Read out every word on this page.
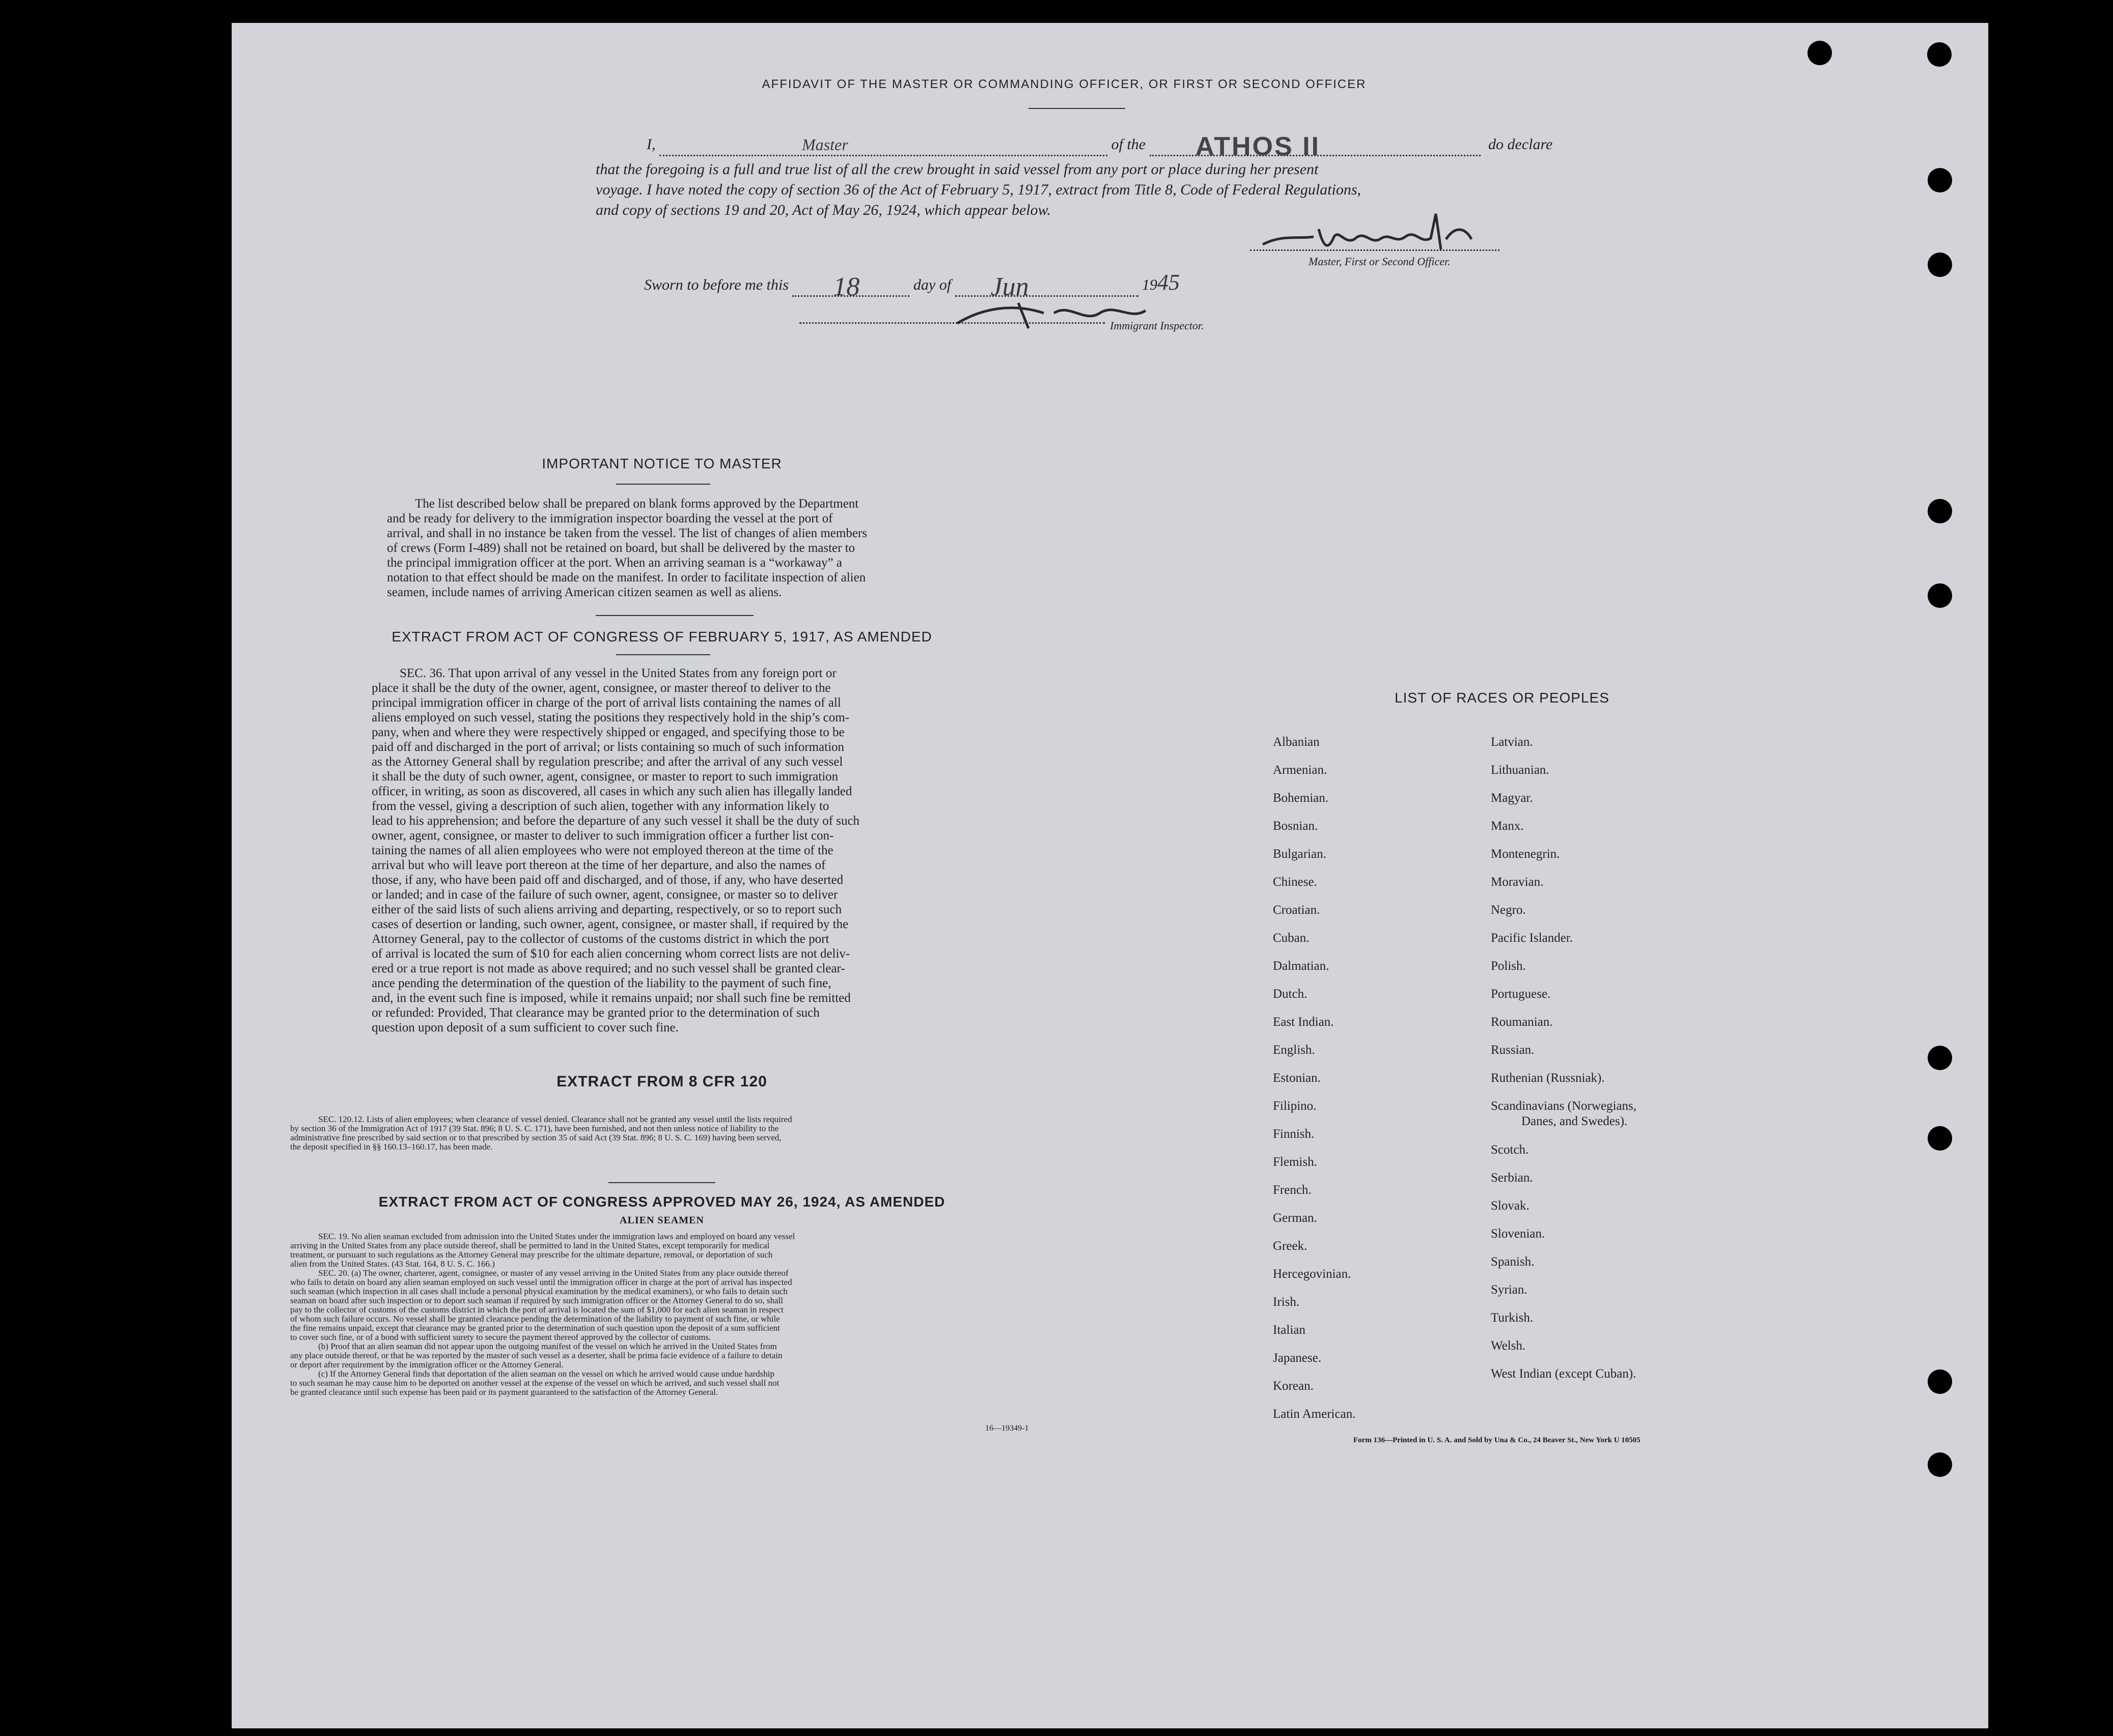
AFFIDAVIT OF THE MASTER OR COMMANDING OFFICER, OR FIRST OR SECOND OFFICER
I,	Master	of the ATHOS II	do declare
that the foregoing is a full and true list of all the crew brought in said vessel from any port or place during her present
voyage. I have noted the copy of section 36 of the Act of February 5, 1917, extract from Title 8, Code of Federal Regulations,
and copy of sections 19 and 20, Act of May 26, 1924, which appear below.
Master, First or Second Officer.
Sworn to before me this 18	day of Jun	1945
Immigrant Inspector.
IMPORTANT NOTICE TO MASTER
The list described below shall be prepared on blank forms approved by the Department
and be ready for delivery to the immigration inspector boarding the vessel at the port of
arrival, and shall in no instance be taken from the vessel. The list of changes of alien members
of crews (Form I-489) shall not be retained on board, but shall be delivered by the master to
the principal immigration officer at the port. When an arriving seaman is a “workaway” a
notation to that effect should be made on the manifest. In order to facilitate inspection of alien
seamen, include names of arriving American citizen seamen as well as aliens.
EXTRACT FROM ACT OF CONGRESS OF FEBRUARY 5, 1917, AS AMENDED
SEC. 36. That upon arrival of any vessel in the United States from any foreign port or
place it shall be the duty of the owner, agent, consignee, or master thereof to deliver to the
principal immigration officer in charge of the port of arrival lists containing the names of all
aliens employed on such vessel, stating the positions they respectively hold in the ship’s com-
pany, when and where they were respectively shipped or engaged, and specifying those to be
paid off and discharged in the port of arrival; or lists containing so much of such information
as the Attorney General shall by regulation prescribe; and after the arrival of any such vessel
it shall be the duty of such owner, agent, consignee, or master to report to such immigration
officer, in writing, as soon as discovered, all cases in which any such alien has illegally landed
from the vessel, giving a description of such alien, together with any information likely to
lead to his apprehension; and before the departure of any such vessel it shall be the duty of such
owner, agent, consignee, or master to deliver to such immigration officer a further list con-
taining the names of all alien employees who were not employed thereon at the time of the
arrival but who will leave port thereon at the time of her departure, and also the names of
those, if any, who have been paid off and discharged, and of those, if any, who have deserted
or landed; and in case of the failure of such owner, agent, consignee, or master so to deliver
either of the said lists of such aliens arriving and departing, respectively, or so to report such
cases of desertion or landing, such owner, agent, consignee, or master shall, if required by the
Attorney General, pay to the collector of customs of the customs district in which the port
of arrival is located the sum of $10 for each alien concerning whom correct lists are not deliv-
ered or a true report is not made as above required; and no such vessel shall be granted clear-
ance pending the determination of the question of the liability to the payment of such fine,
and, in the event such fine is imposed, while it remains unpaid; nor shall such fine be remitted
or refunded: Provided, That clearance may be granted prior to the determination of such
question upon deposit of a sum sufficient to cover such fine.
EXTRACT FROM 8 CFR 120
SEC. 120.12. Lists of alien employees; when clearance of vessel denied. Clearance shall not be granted any vessel until the lists required
by section 36 of the Immigration Act of 1917 (39 Stat. 896; 8 U. S. C. 171), have been furnished, and not then unless notice of liability to the
administrative fine prescribed by said section or to that prescribed by section 35 of said Act (39 Stat. 896; 8 U. S. C. 169) having been served,
the deposit specified in §§ 160.13–160.17, has been made.
EXTRACT FROM ACT OF CONGRESS APPROVED MAY 26, 1924, AS AMENDED
ALIEN SEAMEN
SEC. 19. No alien seaman excluded from admission into the United States under the immigration laws and employed on board any vessel
arriving in the United States from any place outside thereof, shall be permitted to land in the United States, except temporarily for medical
treatment, or pursuant to such regulations as the Attorney General may prescribe for the ultimate departure, removal, or deportation of such
alien from the United States. (43 Stat. 164, 8 U. S. C. 166.)
SEC. 20. (a) The owner, charterer, agent, consignee, or master of any vessel arriving in the United States from any place outside thereof
who fails to detain on board any alien seaman employed on such vessel until the immigration officer in charge at the port of arrival has inspected
such seaman (which inspection in all cases shall include a personal physical examination by the medical examiners), or who fails to detain such
seaman on board after such inspection or to deport such seaman if required by such immigration officer or the Attorney General to do so, shall
pay to the collector of customs of the customs district in which the port of arrival is located the sum of $1,000 for each alien seaman in respect
of whom such failure occurs. No vessel shall be granted clearance pending the determination of the liability to payment of such fine, or while
the fine remains unpaid, except that clearance may be granted prior to the determination of such question upon the deposit of a sum sufficient
to cover such fine, or of a bond with sufficient surety to secure the payment thereof approved by the collector of customs.
(b) Proof that an alien seaman did not appear upon the outgoing manifest of the vessel on which he arrived in the United States from
any place outside thereof, or that he was reported by the master of such vessel as a deserter, shall be prima facie evidence of a failure to detain
or deport after requirement by the immigration officer or the Attorney General.
(c) If the Attorney General finds that deportation of the alien seaman on the vessel on which he arrived would cause undue hardship
to such seaman he may cause him to be deported on another vessel at the expense of the vessel on which he arrived, and such vessel shall not
be granted clearance until such expense has been paid or its payment guaranteed to the satisfaction of the Attorney General.
16—19349-1
LIST OF RACES OR PEOPLES
Albanian
Armenian.
Bohemian.
Bosnian.
Bulgarian.
Chinese.
Croatian.
Cuban.
Dalmatian.
Dutch.
East Indian.
English.
Estonian.
Filipino.
Finnish.
Flemish.
French.
German.
Greek.
Hercegovinian.
Irish.
Italian
Japanese.
Korean.
Latin American.
Latvian.
Lithuanian.
Magyar.
Manx.
Montenegrin.
Moravian.
Negro.
Pacific Islander.
Polish.
Portuguese.
Roumanian.
Russian.
Ruthenian (Russniak).
Scandinavians (Norwegians,
Danes, and Swedes).
Scotch.
Serbian.
Slovak.
Slovenian.
Spanish.
Syrian.
Turkish.
Welsh.
West Indian (except Cuban).
Form 136—Printed in U. S. A. and Sold by Una & Co., 24 Beaver St., New York U 10505
